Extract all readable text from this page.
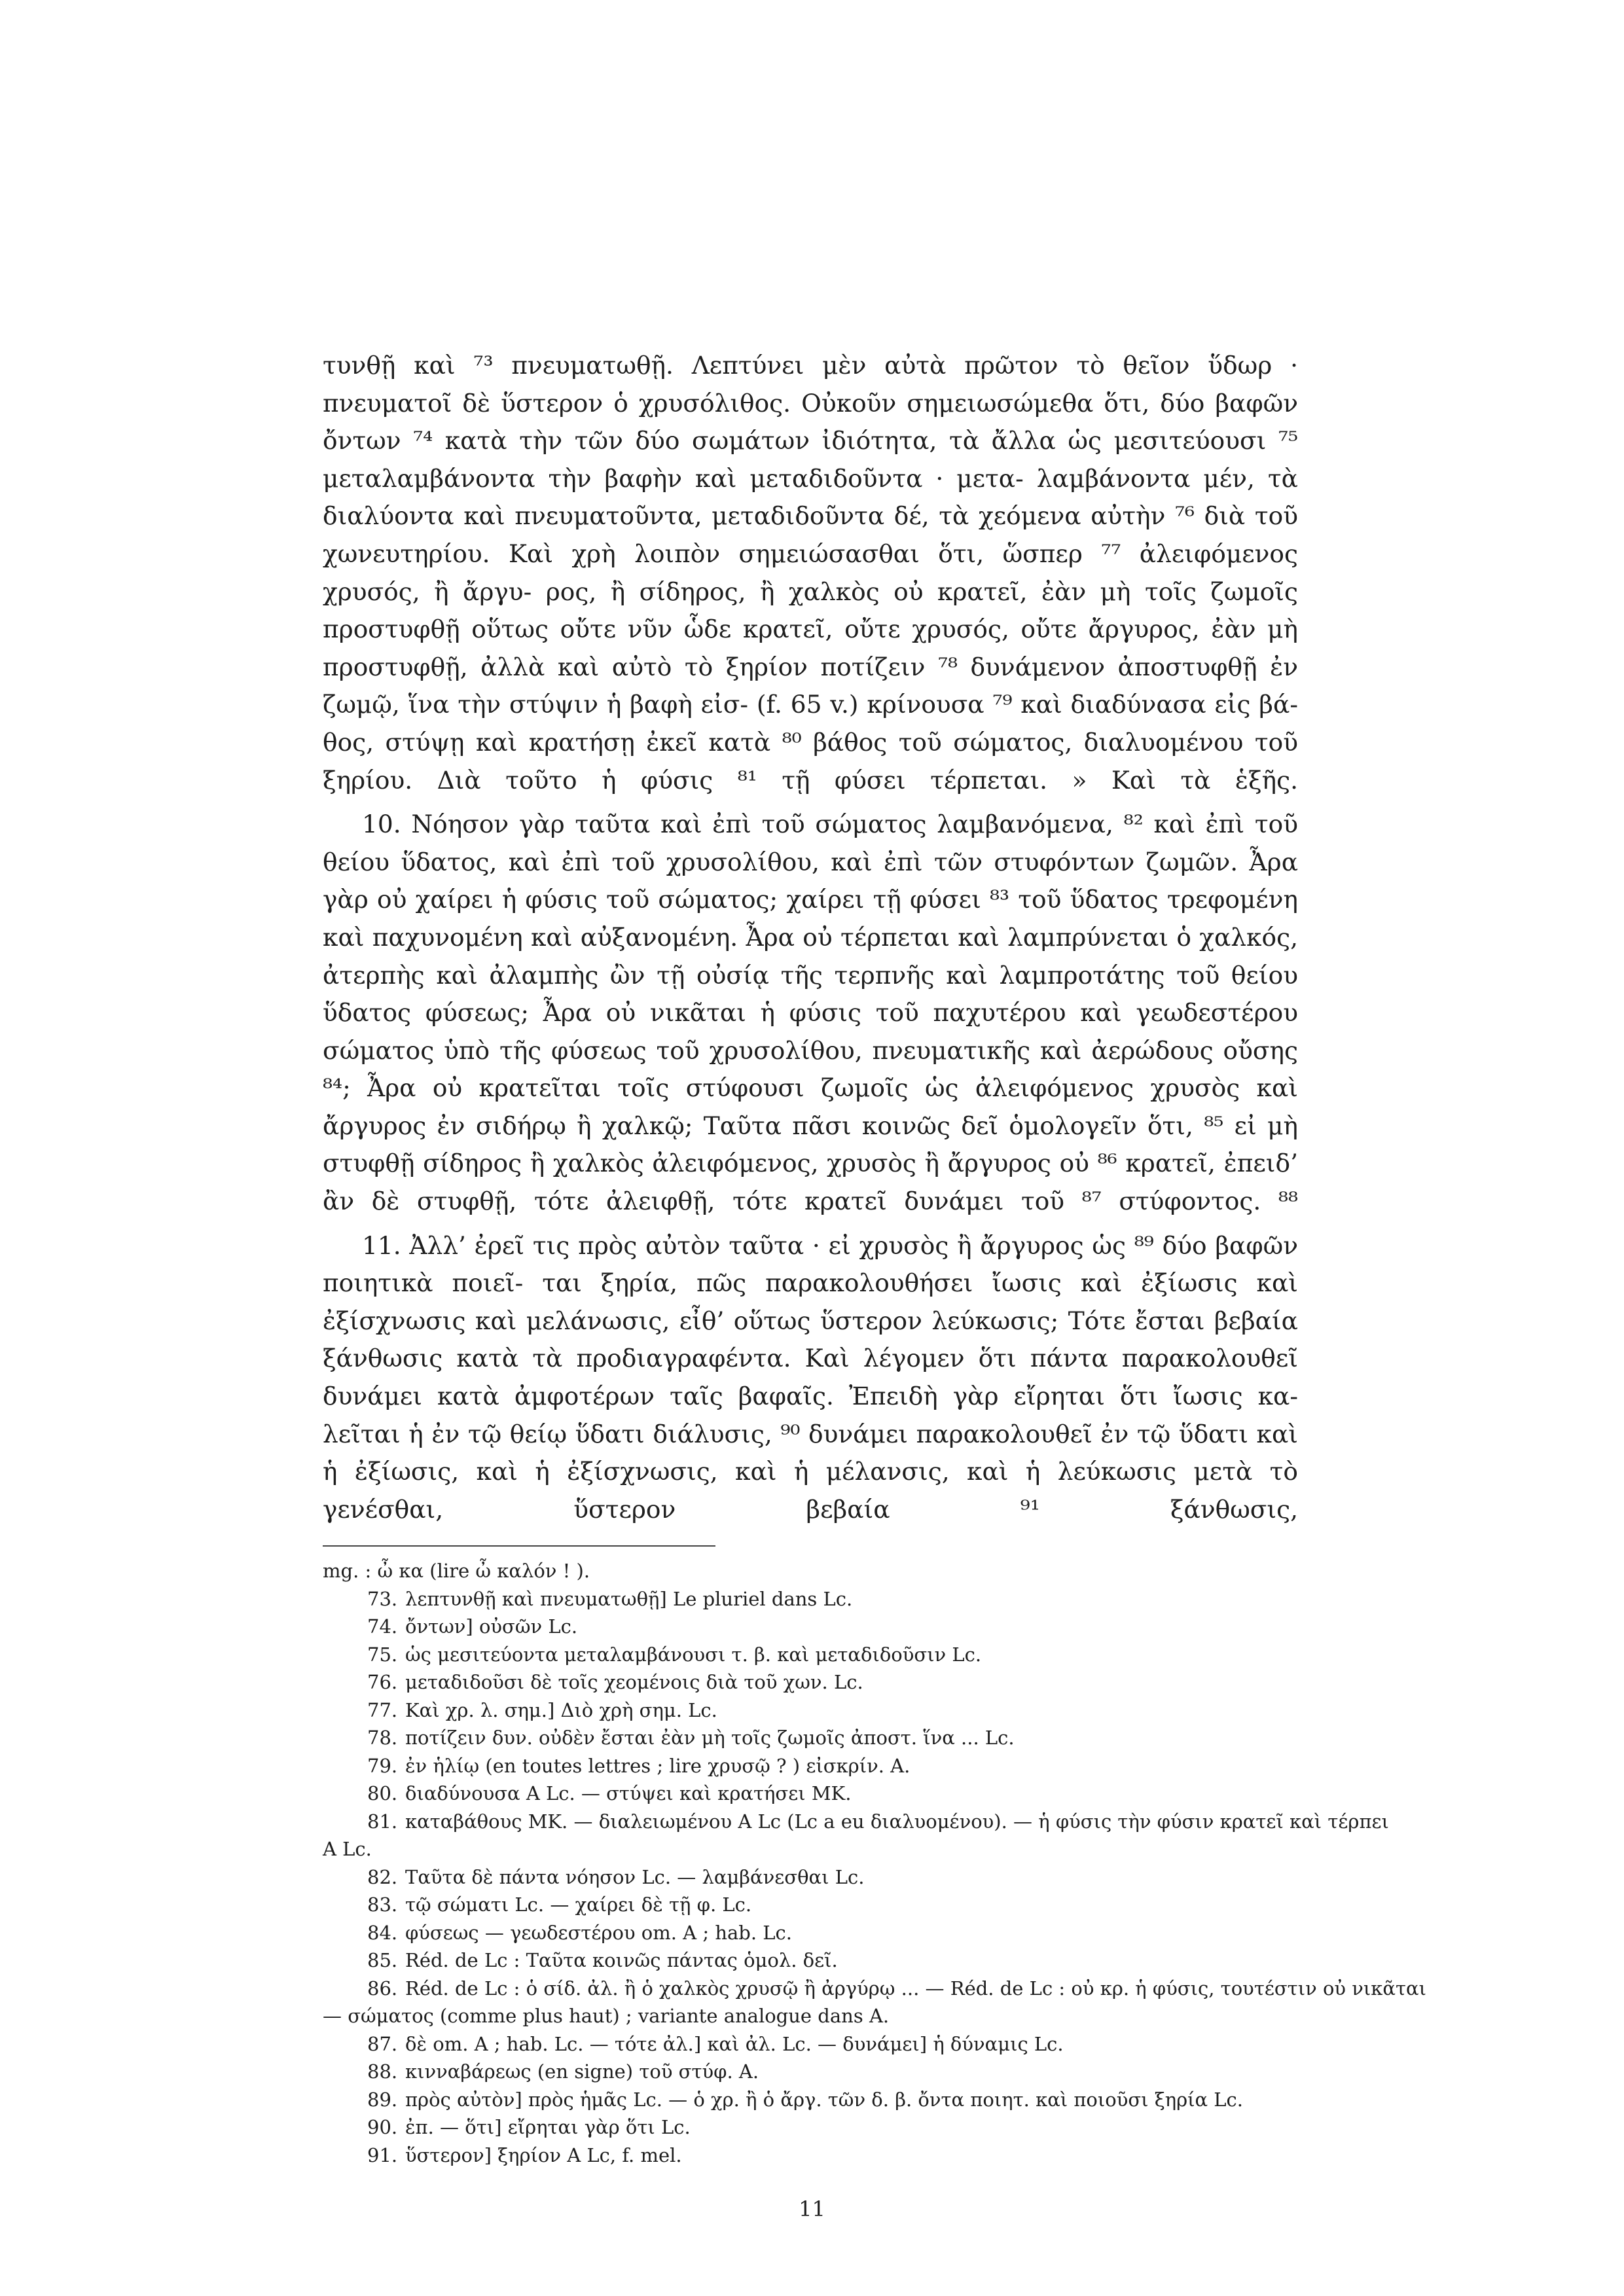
τυνθῇ καὶ ⁷³ πνευματωθῇ. Λεπτύνει μὲν αὐτὰ πρῶτον τὸ θεῖον ὕδωρ · πνευματοῖ δὲ ὕστερον ὁ χρυσόλιθος. Οὐκοῦν σημειωσώμεθα ὅτι, δύο βαφῶν ὄντων ⁷⁴ κατὰ τὴν τῶν δύο σωμάτων ἰδιότητα, τὰ ἄλλα ὡς μεσιτεύουσι ⁷⁵ μεταλαμβάνοντα τὴν βαφὴν καὶ μεταδιδοῦντα · μετα- λαμβάνοντα μέν, τὰ διαλύοντα καὶ πνευματοῦντα, μεταδιδοῦντα δέ, τὰ χεόμενα αὐτὴν ⁷⁶ διὰ τοῦ χωνευτηρίου. Καὶ χρὴ λοιπὸν σημειώσασθαι ὅτι, ὥσπερ ⁷⁷ ἀλειφόμενος χρυσός, ἢ ἄργυ- ρος, ἢ σίδηρος, ἢ χαλκὸς οὐ κρατεῖ, ἐὰν μὴ τοῖς ζωμοῖς προστυφθῇ οὕτως οὔτε νῦν ὧδε κρατεῖ, οὔτε χρυσός, οὔτε ἄργυρος, ἐὰν μὴ προστυφθῇ, ἀλλὰ καὶ αὐτὸ τὸ ξηρίον ποτίζειν ⁷⁸ δυνάμενον ἀποστυφθῇ ἐν ζωμῷ, ἵνα τὴν στύψιν ἡ βαφὴ εἰσ- (f. 65 v.) κρίνουσα ⁷⁹ καὶ διαδύνασα εἰς βά- θος, στύψῃ καὶ κρατήσῃ ἐκεῖ κατὰ ⁸⁰ βάθος τοῦ σώματος, διαλυομένου τοῦ ξηρίου. Διὰ τοῦτο ἡ φύσις ⁸¹ τῇ φύσει τέρπεται. » Καὶ τὰ ἑξῆς.

10. Νόησον γὰρ ταῦτα καὶ ἐπὶ τοῦ σώματος λαμβανόμενα, ⁸² καὶ ἐπὶ τοῦ θείου ὕδατος, καὶ ἐπὶ τοῦ χρυσολίθου, καὶ ἐπὶ τῶν στυφόντων ζωμῶν. Ἆρα γὰρ οὐ χαίρει ἡ φύσις τοῦ σώματος; χαίρει τῇ φύσει ⁸³ τοῦ ὕδατος τρεφομένη καὶ παχυνομένη καὶ αὐξανομένη. Ἆρα οὐ τέρπεται καὶ λαμπρύνεται ὁ χαλκός, ἀτερπὴς καὶ ἀλαμπὴς ὢν τῇ οὐσίᾳ τῆς τερπνῆς καὶ λαμπροτάτης τοῦ θείου ὕδατος φύσεως; Ἆρα οὐ νικᾶται ἡ φύσις τοῦ παχυτέρου καὶ γεωδεστέρου σώματος ὑπὸ τῆς φύσεως τοῦ χρυσολίθου, πνευματικῆς καὶ ἀερώδους οὔσης ⁸⁴; Ἆρα οὐ κρατεῖται τοῖς στύφουσι ζωμοῖς ὡς ἀλειφόμενος χρυσὸς καὶ ἄργυρος ἐν σιδήρῳ ἢ χαλκῷ; Ταῦτα πᾶσι κοινῶς δεῖ ὁμολογεῖν ὅτι, ⁸⁵ εἰ μὴ στυφθῇ σίδηρος ἢ χαλκὸς ἀλειφόμενος, χρυσὸς ἢ ἄργυρος οὐ ⁸⁶ κρατεῖ, ἐπειδ’ ἂν δὲ στυφθῇ, τότε ἀλειφθῇ, τότε κρατεῖ δυνάμει τοῦ ⁸⁷ στύφοντος. ⁸⁸

11. Ἀλλ’ ἐρεῖ τις πρὸς αὐτὸν ταῦτα · εἰ χρυσὸς ἢ ἄργυρος ὡς ⁸⁹ δύο βαφῶν ποιητικὰ ποιεῖ- ται ξηρία, πῶς παρακολουθήσει ἴωσις καὶ ἐξίωσις καὶ ἐξίσχνωσις καὶ μελάνωσις, εἶθ’ οὕτως ὕστερον λεύκωσις; Τότε ἔσται βεβαία ξάνθωσις κατὰ τὰ προδιαγραφέντα. Καὶ λέγομεν ὅτι πάντα παρακολουθεῖ δυνάμει κατὰ ἀμφοτέρων ταῖς βαφαῖς. Ἐπειδὴ γὰρ εἴρηται ὅτι ἴωσις κα- λεῖται ἡ ἐν τῷ θείῳ ὕδατι διάλυσις, ⁹⁰ δυνάμει παρακολουθεῖ ἐν τῷ ὕδατι καὶ ἡ ἐξίωσις, καὶ ἡ ἐξίσχνωσις, καὶ ἡ μέλανσις, καὶ ἡ λεύκωσις μετὰ τὸ γενέσθαι, ὕστερον βεβαία ⁹¹ ξάνθωσις,

mg. : ὦ κα (lire ὦ καλόν ! ).
73. λεπτυνθῇ καὶ πνευματωθῇ] Le pluriel dans Lc.
74. ὄντων] οὐσῶν Lc.
75. ὡς μεσιτεύοντα μεταλαμβάνουσι τ. β. καὶ μεταδιδοῦσιν Lc.
76. μεταδιδοῦσι δὲ τοῖς χεομένοις διὰ τοῦ χων. Lc.
77. Καὶ χρ. λ. σημ.] Διὸ χρὴ σημ. Lc.
78. ποτίζειν δυν. οὐδὲν ἔσται ἐὰν μὴ τοῖς ζωμοῖς ἀποστ. ἵνα ... Lc.
79. ἐν ἡλίῳ (en toutes lettres ; lire χρυσῷ ? ) εἰσκρίν. A.
80. διαδύνουσα A Lc. — στύψει καὶ κρατήσει MK.
81. καταβάθους MK. — διαλειωμένου A Lc (Lc a eu διαλυομένου). — ἡ φύσις τὴν φύσιν κρατεῖ καὶ τέρπει
A Lc.
82. Ταῦτα δὲ πάντα νόησον Lc. — λαμβάνεσθαι Lc.
83. τῷ σώματι Lc. — χαίρει δὲ τῇ φ. Lc.
84. φύσεως — γεωδεστέρου om. A ; hab. Lc.
85. Réd. de Lc : Ταῦτα κοινῶς πάντας ὁμολ. δεῖ.
86. Réd. de Lc : ὁ σίδ. ἀλ. ἢ ὁ χαλκὸς χρυσῷ ἢ ἀργύρῳ ... — Réd. de Lc : οὐ κρ. ἡ φύσις, τουτέστιν οὐ νικᾶται
— σώματος (comme plus haut) ; variante analogue dans A.
87. δὲ om. A ; hab. Lc. — τότε ἀλ.] καὶ ἀλ. Lc. — δυνάμει] ἡ δύναμις Lc.
88. κινναβάρεως (en signe) τοῦ στύφ. A.
89. πρὸς αὐτὸν] πρὸς ἡμᾶς Lc. — ὁ χρ. ἢ ὁ ἄργ. τῶν δ. β. ὄντα ποιητ. καὶ ποιοῦσι ξηρία Lc.
90. ἐπ. — ὅτι] εἴρηται γὰρ ὅτι Lc.
91. ὕστερον] ξηρίον A Lc, f. mel.
11
